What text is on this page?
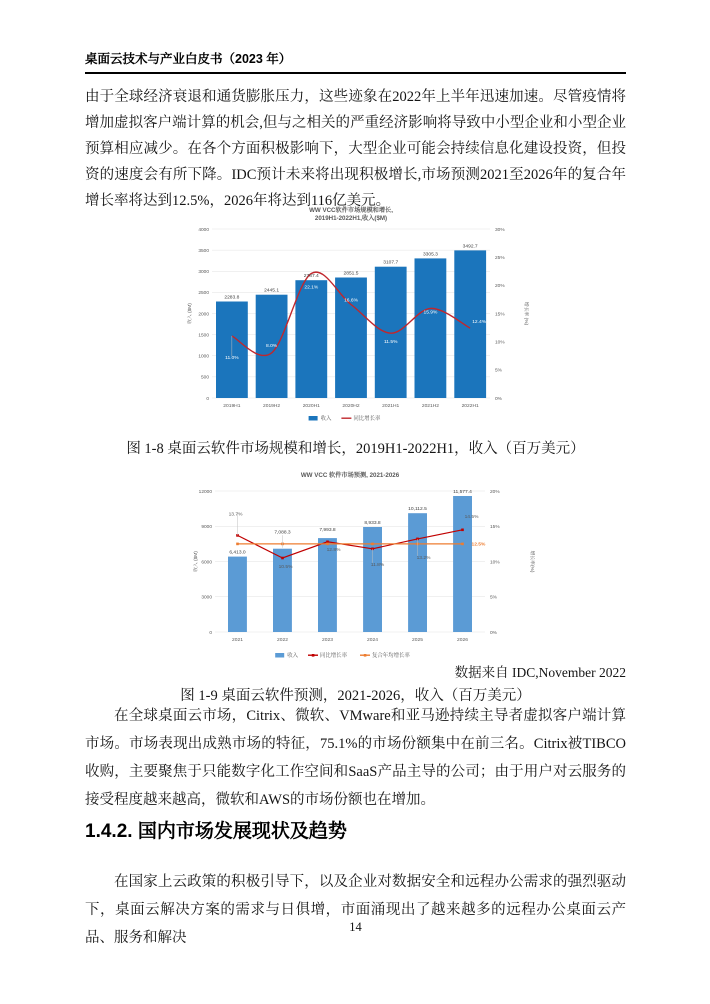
桌面云技术与产业白皮书（2023 年）

由于全球经济衰退和通货膨胀压力，这些迹象在2022年上半年迅速加速。尽管疫情将增加虚拟客户端计算的机会,但与之相关的严重经济影响将导致中小型企业和小型企业预算相应减少。在各个方面积极影响下，大型企业可能会持续信息化建设投资，但投资的速度会有所下降。IDC预计未来将出现积极增长,市场预测2021至2026年的复合年增长率将达到12.5%，2026年将达到116亿美元。

0
500
1000
1500
2000
2500
3000
3500
4000
0%
5%
10%
15%
20%
25%
30%
WW VCC软件市场规模和增长,
2019H1-2022H1,收入($M)
收入 ($M)	增长率 (%)
2019H1	2019H2	2020H1	2020H2	2021H1	2021H2	2022H1
2283.8
2445.1
2787.4
2851.5
3107.7
3305.3
3492.7
11.0%
8.0%
22.1%
16.6%
11.5%
15.9%
12.4%
收入	同比增长率

图 1-8 桌面云软件市场规模和增长，2019H1-2022H1，收入（百万美元）

0
3000
6000
9000
12000
0%
5%
10%
15%
20%
WW VCC 软件市场预测, 2021-2026
收入 ($M)	增长率(%)
2021	2022	2023	2024	2025	2026
6,413.0
7,088.3
7,993.8
8,933.8
10,112.5
11,577.4
13.7%
10.5%
12.8%
11.8%
13.2%
14.5%
12.5%
收入	同比增长率	复合年均增长率

数据来自 IDC,November 2022

图 1-9 桌面云软件预测，2021-2026，收入（百万美元）

在全球桌面云市场，Citrix、微软、VMware和亚马逊持续主导者虚拟客户端计算市场。市场表现出成熟市场的特征，75.1%的市场份额集中在前三名。Citrix被TIBCO收购，主要聚焦于只能数字化工作空间和SaaS产品主导的公司；由于用户对云服务的接受程度越来越高，微软和AWS的市场份额也在增加。

1.4.2. 国内市场发展现状及趋势

在国家上云政策的积极引导下，以及企业对数据安全和远程办公需求的强烈驱动下，桌面云解决方案的需求与日俱增，市面涌现出了越来越多的远程办公桌面云产品、服务和解决

14
